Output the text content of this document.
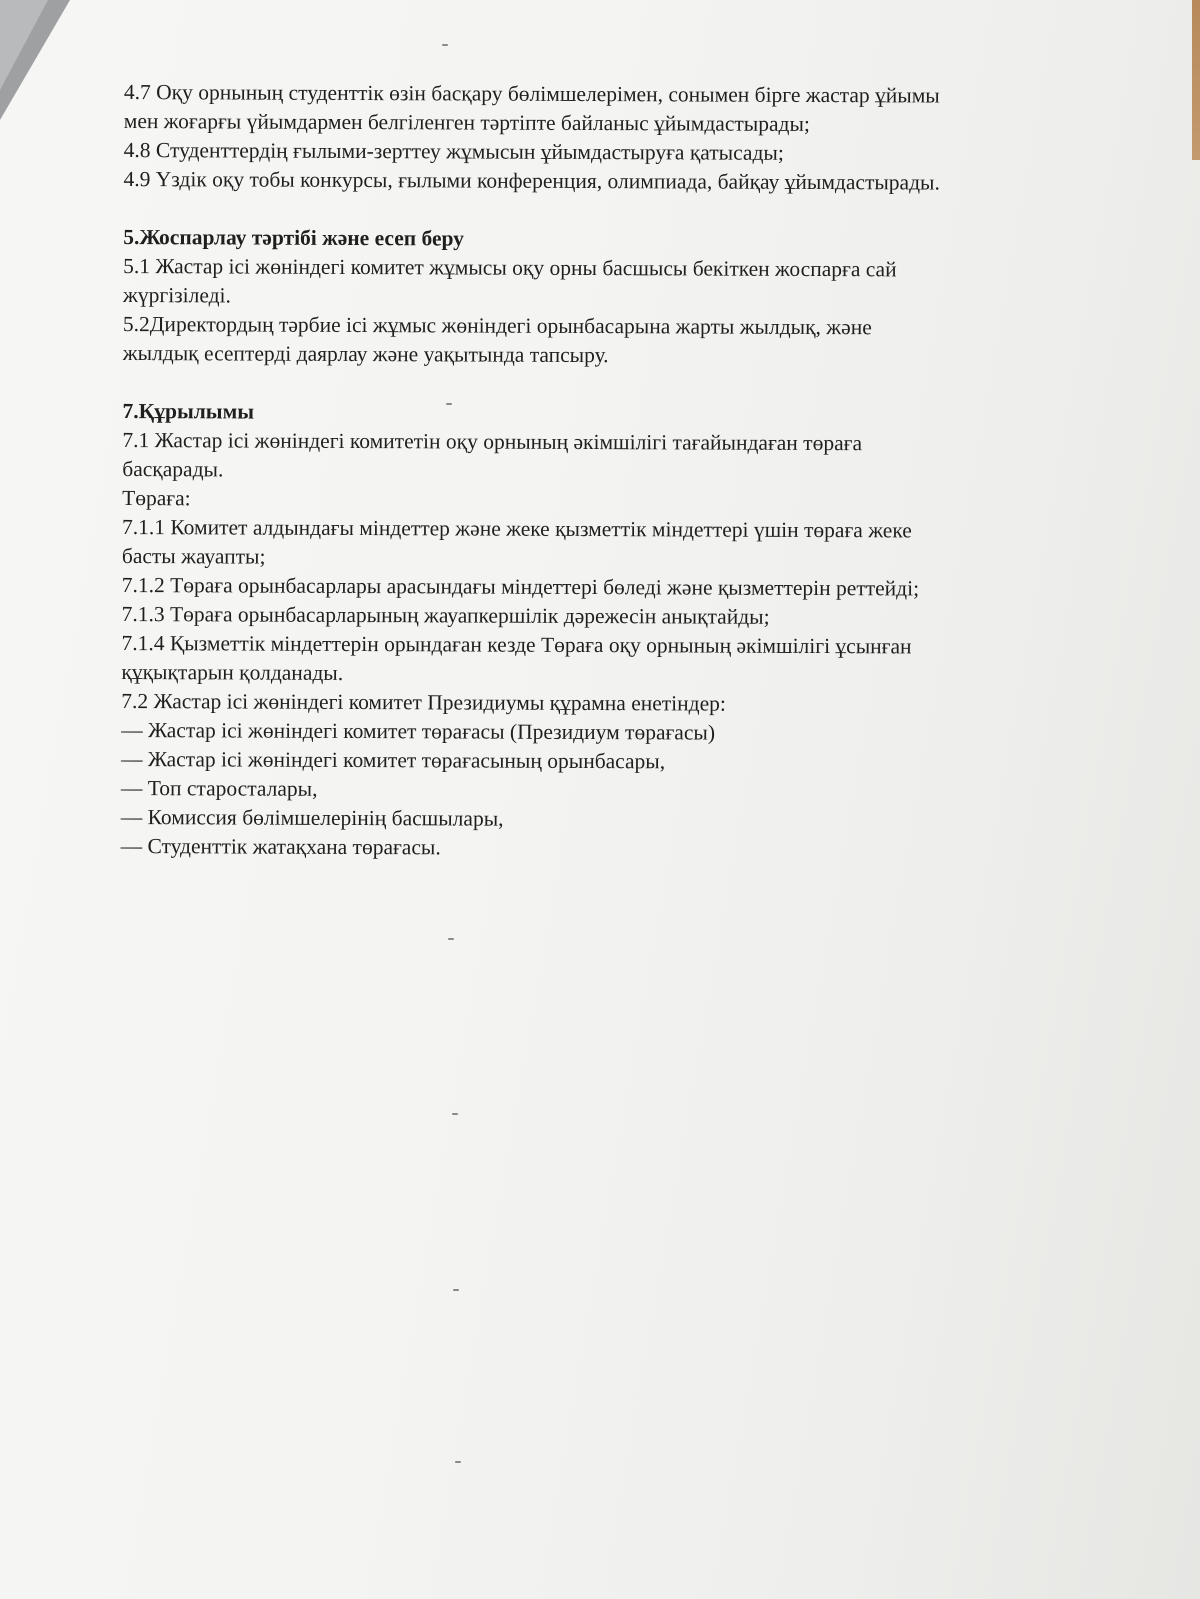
4.7 Оқу орнының студенттік өзін басқару бөлімшелерімен, сонымен бірге жастар ұйымы

мен жоғарғы үйымдармен белгіленген тәртіпте байланыс ұйымдастырады;

4.8 Студенттердің ғылыми-зерттеу жұмысын ұйымдастыруға қатысады;

4.9 Үздік оқу тобы конкурсы, ғылыми конференция, олимпиада, байқау ұйымдастырады.

5.Жоспарлау тәртібі және есеп беру

5.1 Жастар ісі жөніндегі комитет жұмысы оқу орны басшысы бекіткен жоспарға сай

жүргізіледі.

5.2Директордың тәрбие ісі жұмыс жөніндегі орынбасарына жарты жылдық, және

жылдық есептерді даярлау және уақытында тапсыру.

7.Құрылымы

7.1 Жастар ісі жөніндегі комитетін оқу орнының әкімшілігі тағайындаған төраға

басқарады.

Төраға:

7.1.1 Комитет алдындағы міндеттер және жеке қызметтік міндеттері үшін төраға жеке

басты жауапты;

7.1.2 Төраға орынбасарлары арасындағы міндеттері бөледі және қызметтерін реттейді;

7.1.3 Төраға орынбасарларының жауапкершілік дәрежесін анықтайды;

7.1.4 Қызметтік міндеттерін орындаған кезде Төраға оқу орнының әкімшілігі ұсынған

құқықтарын қолданады.

7.2 Жастар ісі жөніндегі комитет Президиумы құрамна енетіндер:

— Жастар ісі жөніндегі комитет төрағасы (Президиум төрағасы)

— Жастар ісі жөніндегі комитет төрағасының орынбасары,

— Топ старосталары,

— Комиссия бөлімшелерінің басшылары,

— Студенттік жатақхана төрағасы.
